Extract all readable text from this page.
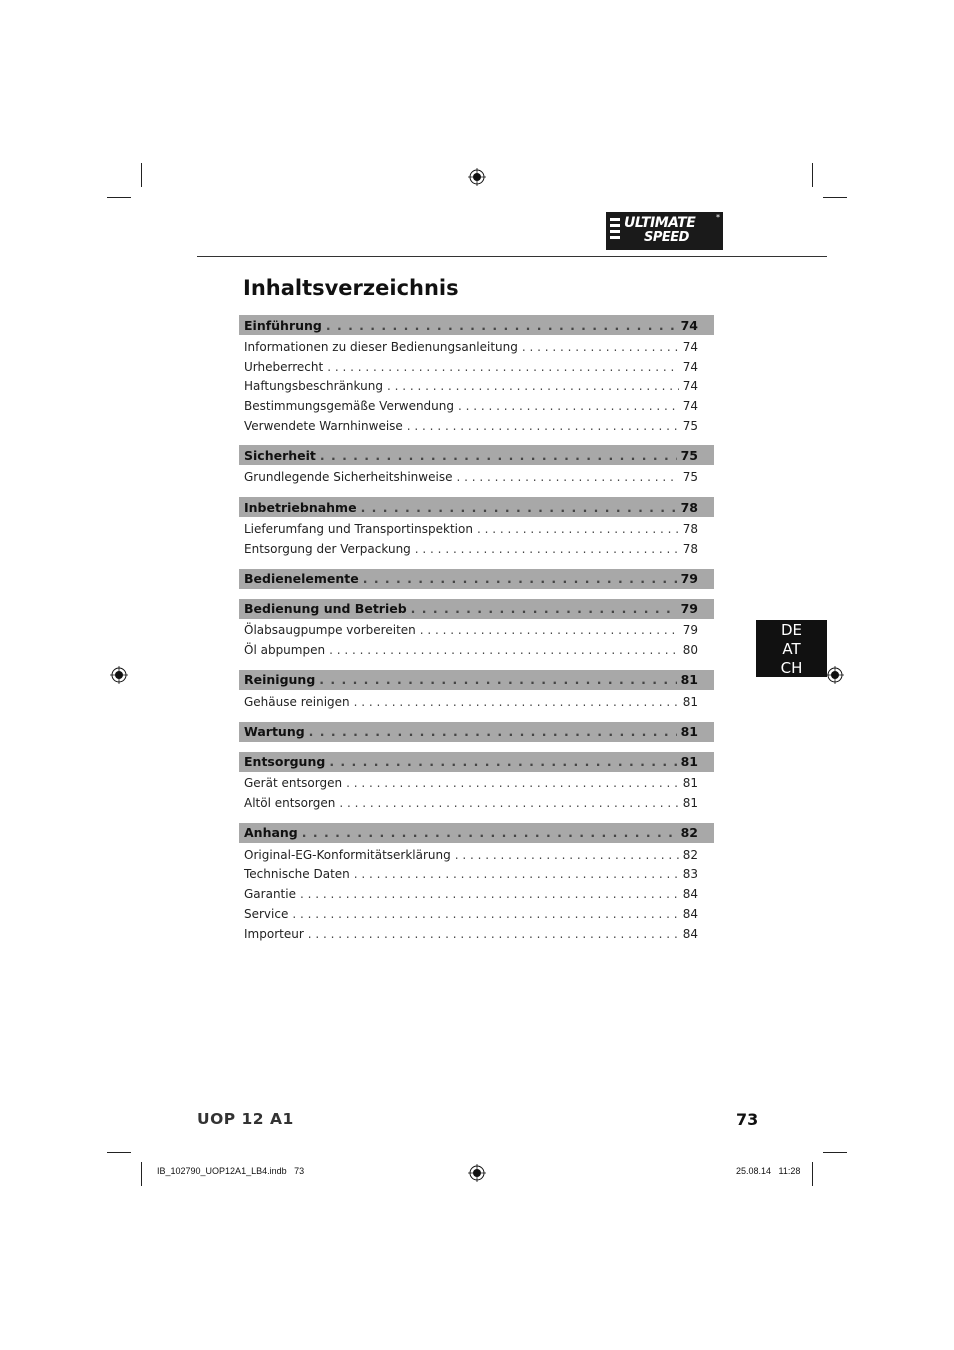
ULTIMATE
SPEED
*
Inhaltsverzeichnis
Einführung . . .	74
Informationen zu dieser Bedienungsanleitung . . .	74
Urheberrecht . . .	74
Haftungsbeschränkung . . .	74
Bestimmungsgemäße Verwendung . . .	74
Verwendete Warnhinweise . . .	75
Sicherheit . . .	75
Grundlegende Sicherheitshinweise . . .	75
Inbetriebnahme . . .	78
Lieferumfang und Transportinspektion . . .	78
Entsorgung der Verpackung . . .	78
Bedienelemente . . .	79
Bedienung und Betrieb . . .	79
Ölabsaugpumpe vorbereiten . . .	79
Öl abpumpen . . .	80
Reinigung . . .	81
Gehäuse reinigen . . .	81
Wartung . . .	81
Entsorgung . . .	81
Gerät entsorgen . . .	81
Altöl entsorgen . . .	81
Anhang . . .	82
Original-EG-Konformitätserklärung . . .	82
Technische Daten . . .	83
Garantie . . .	84
Service . . .	84
Importeur . . .	84
DE
AT
CH
UOP 12 A1	73
IB_102790_UOP12A1_LB4.indb   73	25.08.14   11:28
